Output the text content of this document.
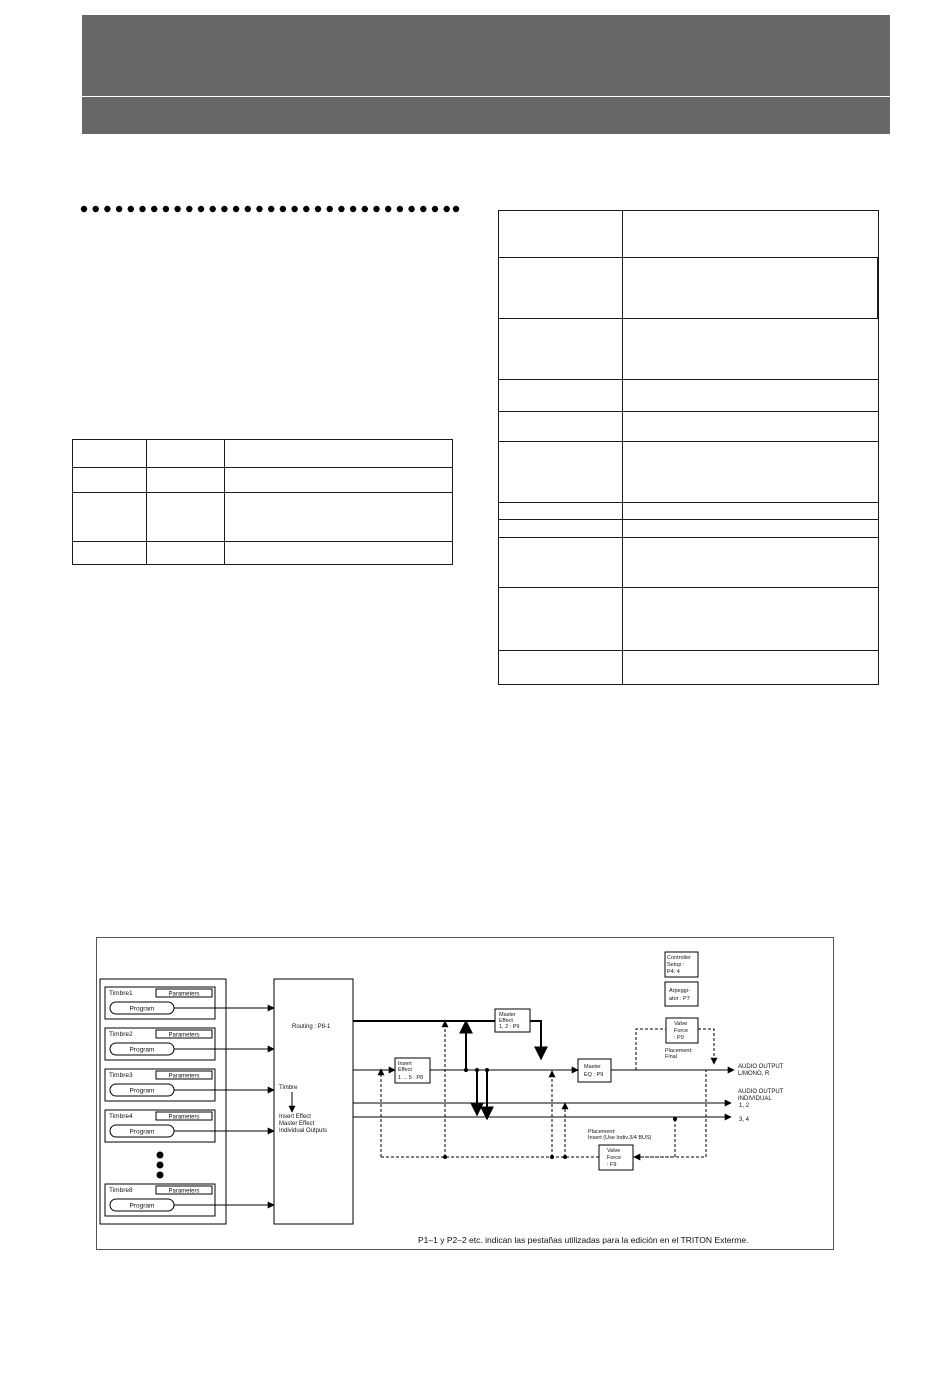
Timbre1	Parameters
Program
Timbre2	Parameters
Program
Timbre3	Parameters
Program
Timbre4	Parameters
Program
Timbre8	Parameters
Program
Routing : P8-1
Timbre
Insert Effect
Master Effect
Individual Outputs
Insert
Effect
1 ... 5 : P8
Master
Effect
1, 2 : P9
Master
EQ : P9
Controller
Setup :
P4: 4
Arpeggi-
ator : P7
Valve
Force
: P9
Placement:
Final
AUDIO OUTPUT
L/MONO, R
AUDIO OUTPUT
INDIVIDUAL
1, 2
3, 4
Placement:
Insert (Use Indiv.3/4 BUS)
Valve
Force
: F9
P1–1 y P2–2 etc. indican las pestañas utilizadas para la edición en el TRITON Exterme.
